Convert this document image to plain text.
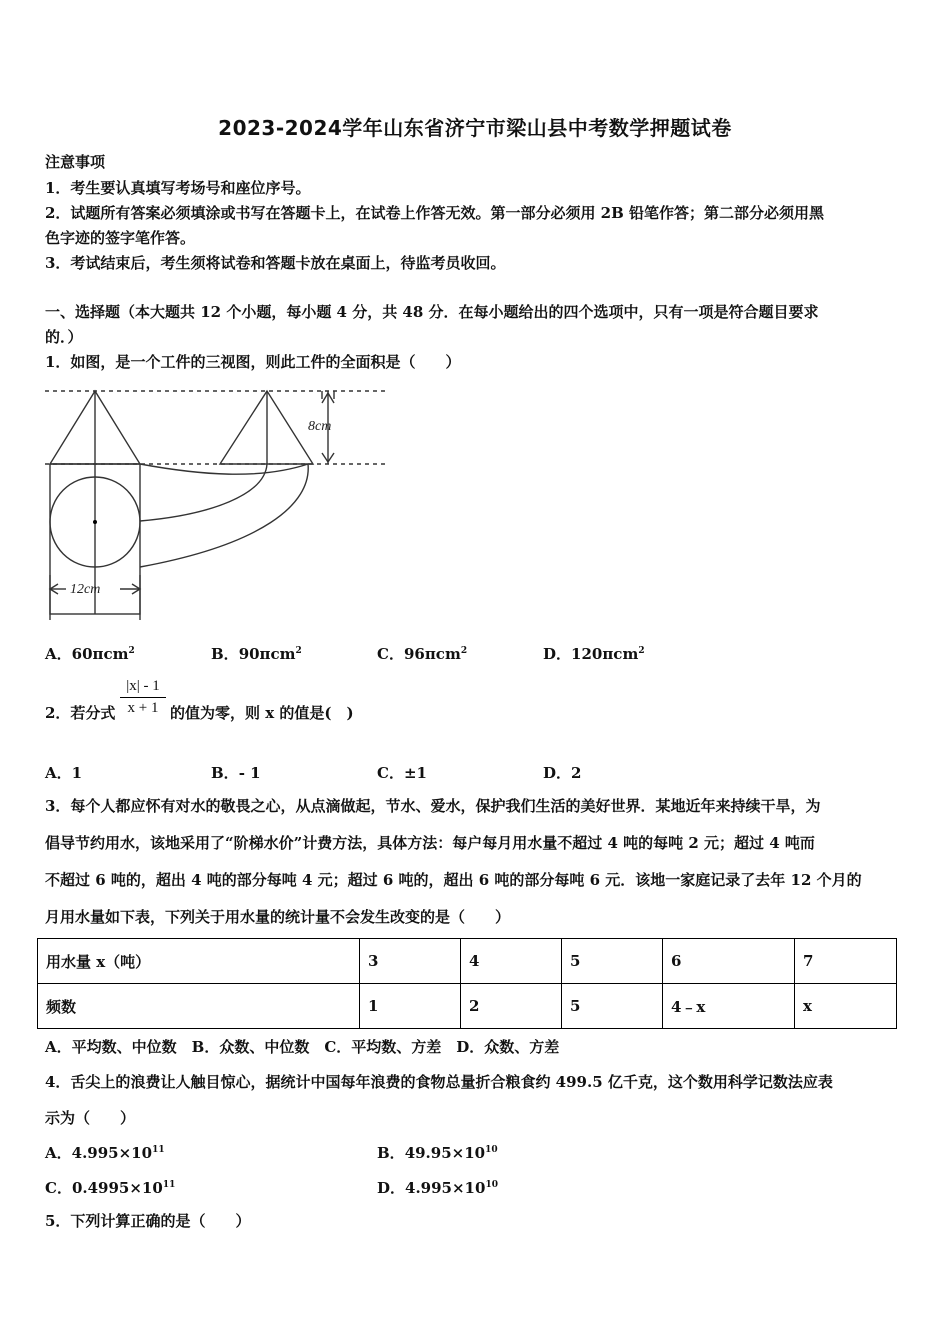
2023-2024学年山东省济宁市梁山县中考数学押题试卷
注意事项
1．考生要认真填写考场号和座位序号。
2．试题所有答案必须填涂或书写在答题卡上，在试卷上作答无效。第一部分必须用 2B 铅笔作答；第二部分必须用黑
色字迹的签字笔作答。
3．考试结束后，考生须将试卷和答题卡放在桌面上，待监考员收回。
一、选择题（本大题共 12 个小题，每小题 4 分，共 48 分．在每小题给出的四个选项中，只有一项是符合题目要求
的．）
1．如图，是一个工件的三视图，则此工件的全面积是（　　）
8cm
12cm
A．60πcm$^2$	B．90πcm$^2$	C．96πcm$^2$	D．120πcm$^2$
2．若分式 $\frac{|x| - 1}{x + 1}$ 的值为零，则 x 的值是(　)
A．1	B．- 1	C．±1	D．2
3．每个人都应怀有对水的敬畏之心，从点滴做起，节水、爱水，保护我们生活的美好世界．某地近年来持续干旱，为
倡导节约用水，该地采用了“阶梯水价”计费方法，具体方法：每户每月用水量不超过 4 吨的每吨 2 元；超过 4 吨而
不超过 6 吨的，超出 4 吨的部分每吨 4 元；超过 6 吨的，超出 6 吨的部分每吨 6 元．该地一家庭记录了去年 12 个月的
月用水量如下表，下列关于用水量的统计量不会发生改变的是（　　）
用水量 x（吨）	3	4	5	6	7
频数	1	2	5	4﹣x	x
A．平均数、中位数　B．众数、中位数　C．平均数、方差　D．众数、方差
4．舌尖上的浪费让人触目惊心，据统计中国每年浪费的食物总量折合粮食约 499.5 亿千克，这个数用科学记数法应表
示为（　　）
A．$4.995\times 10^{11}$	B．$49.95\times 10^{10}$
C．$0.4995\times 10^{11}$	D．$4.995\times 10^{10}$
5．下列计算正确的是（　　）
